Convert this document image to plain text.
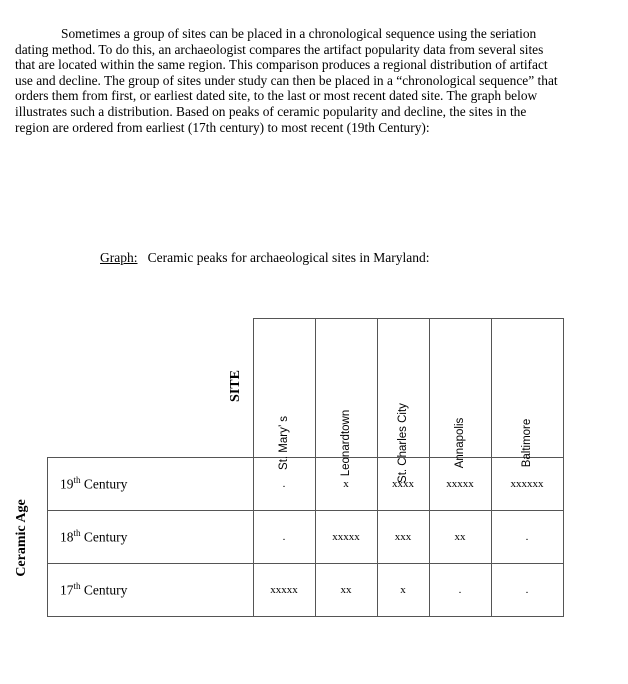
Sometimes a group of sites can be placed in a chronological sequence using the seriation dating method. To do this, an archaeologist compares the artifact popularity data from several sites that are located within the same region. This comparison produces a regional distribution of artifact use and decline. The group of sites under study can then be placed in a “chronological sequence” that orders them from first, or earliest dated site, to the last or most recent dated site. The graph below illustrates such a distribution. Based on peaks of ceramic popularity and decline, the sites in the region are ordered from earliest (17th century) to most recent (19th Century):

Graph: Ceramic peaks for archaeological sites in Maryland:
Ceramic Age
SITE

	St. Mary’ s	Leonardtown	St. Charles City	Annapolis	Baltimore

19th Century	.	x	xxxx	xxxxx	xxxxxx
18th Century	.	xxxxx	xxx	xx	.
17th Century	xxxxx	xx	x	.	.
